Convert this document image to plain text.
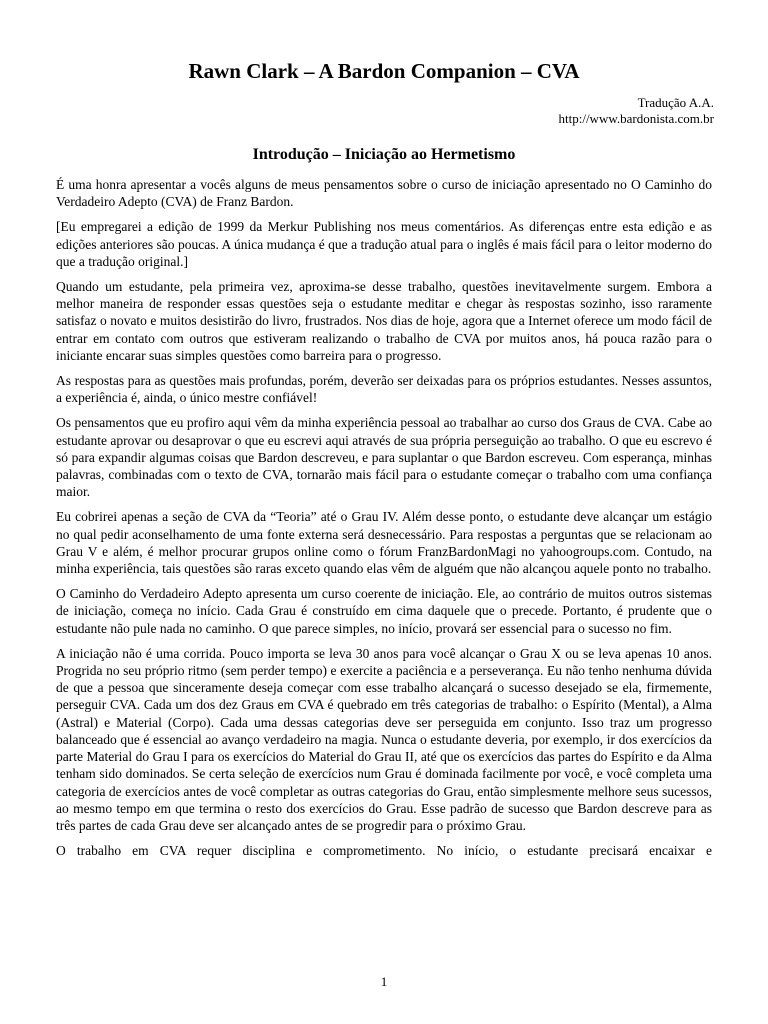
Rawn Clark – A Bardon Companion – CVA
Tradução A.A.
http://www.bardonista.com.br
Introdução – Iniciação ao Hermetismo

É uma honra apresentar a vocês alguns de meus pensamentos sobre o curso de iniciação apresentado no O Caminho do Verdadeiro Adepto (CVA) de Franz Bardon.

[Eu empregarei a edição de 1999 da Merkur Publishing nos meus comentários. As diferenças entre esta edição e as edições anteriores são poucas. A única mudança é que a tradução atual para o inglês é mais fácil para o leitor moderno do que a tradução original.]

Quando um estudante, pela primeira vez, aproxima-se desse trabalho, questões inevitavelmente surgem. Embora a melhor maneira de responder essas questões seja o estudante meditar e chegar às respostas sozinho, isso raramente satisfaz o novato e muitos desistirão do livro, frustrados. Nos dias de hoje, agora que a Internet oferece um modo fácil de entrar em contato com outros que estiveram realizando o trabalho de CVA por muitos anos, há pouca razão para o iniciante encarar suas simples questões como barreira para o progresso.

As respostas para as questões mais profundas, porém, deverão ser deixadas para os próprios estudantes. Nesses assuntos, a experiência é, ainda, o único mestre confiável!

Os pensamentos que eu profiro aqui vêm da minha experiência pessoal ao trabalhar ao curso dos Graus de CVA. Cabe ao estudante aprovar ou desaprovar o que eu escrevi aqui através de sua própria perseguição ao trabalho. O que eu escrevo é só para expandir algumas coisas que Bardon descreveu, e para suplantar o que Bardon escreveu. Com esperança, minhas palavras, combinadas com o texto de CVA, tornarão mais fácil para o estudante começar o trabalho com uma confiança maior.

Eu cobrirei apenas a seção de CVA da “Teoria” até o Grau IV. Além desse ponto, o estudante deve alcançar um estágio no qual pedir aconselhamento de uma fonte externa será desnecessário. Para respostas a perguntas que se relacionam ao Grau V e além, é melhor procurar grupos online como o fórum FranzBardonMagi no yahoogroups.com. Contudo, na minha experiência, tais questões são raras exceto quando elas vêm de alguém que não alcançou aquele ponto no trabalho.

O Caminho do Verdadeiro Adepto apresenta um curso coerente de iniciação. Ele, ao contrário de muitos outros sistemas de iniciação, começa no início. Cada Grau é construído em cima daquele que o precede. Portanto, é prudente que o estudante não pule nada no caminho. O que parece simples, no início, provará ser essencial para o sucesso no fim.

A iniciação não é uma corrida. Pouco importa se leva 30 anos para você alcançar o Grau X ou se leva apenas 10 anos. Progrida no seu próprio ritmo (sem perder tempo) e exercite a paciência e a perseverança. Eu não tenho nenhuma dúvida de que a pessoa que sinceramente deseja começar com esse trabalho alcançará o sucesso desejado se ela, firmemente, perseguir CVA. Cada um dos dez Graus em CVA é quebrado em três categorias de trabalho: o Espírito (Mental), a Alma (Astral) e Material (Corpo). Cada uma dessas categorias deve ser perseguida em conjunto. Isso traz um progresso balanceado que é essencial ao avanço verdadeiro na magia. Nunca o estudante deveria, por exemplo, ir dos exercícios da parte Material do Grau I para os exercícios do Material do Grau II, até que os exercícios das partes do Espírito e da Alma tenham sido dominados. Se certa seleção de exercícios num Grau é dominada facilmente por você, e você completa uma categoria de exercícios antes de você completar as outras categorias do Grau, então simplesmente melhore seus sucessos, ao mesmo tempo em que termina o resto dos exercícios do Grau. Esse padrão de sucesso que Bardon descreve para as três partes de cada Grau deve ser alcançado antes de se progredir para o próximo Grau.

O trabalho em CVA requer disciplina e comprometimento. No início, o estudante precisará encaixar e

1
